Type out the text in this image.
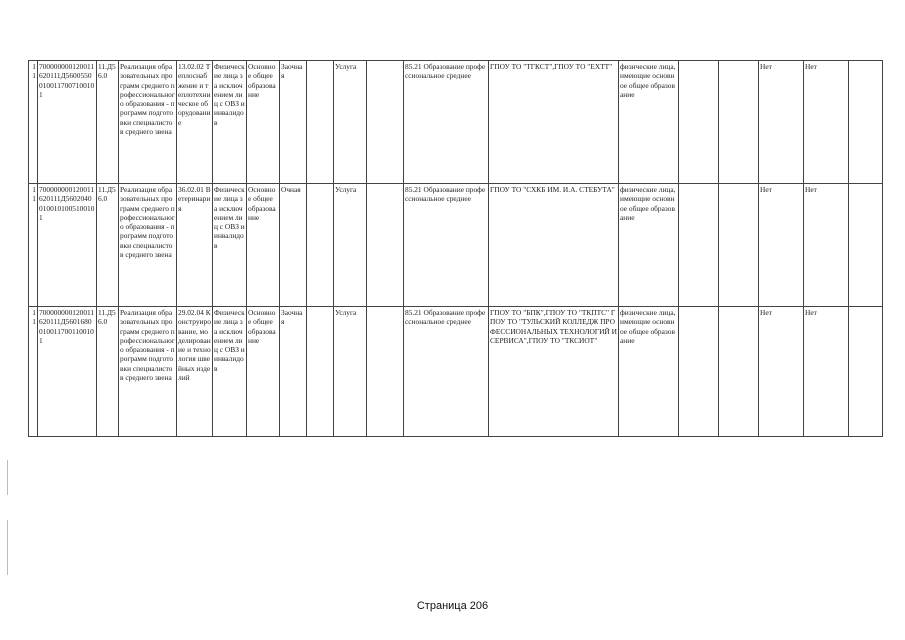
11	700000000120011620111Д56005500100117007100101	11.Д56.0	Реализация образовательных программ среднего профессионального образования - программ подготовки специалистов среднего звена	13.02.02 Теплоснабжение и теплотехническое оборудование	Физические лица за исключением лиц с ОВЗ и инвалидов	Основное общее образование	Заочная		Услуга		85.21 Образование профессиональное среднее	ГПОУ ТО "ТГКСТ",ГПОУ ТО "ЕХТТ"	физические лица, имеющие основное общее образование			Нет	Нет	
11	700000000120011620111Д56020400100101005100101	11.Д56.0	Реализация образовательных программ среднего профессионального образования - программ подготовки специалистов среднего звена	36.02.01 Ветеринария	Физические лица за исключением лиц с ОВЗ и инвалидов	Основное общее образование	Очная		Услуга		85.21 Образование профессиональное среднее	ГПОУ ТО "СХКБ ИМ. И.А. СТЕБУТА"	физические лица, имеющие основное общее образование			Нет	Нет	
11	700000000120011620111Д56016800100117001100101	11.Д56.0	Реализация образовательных программ среднего профессионального образования - программ подготовки специалистов среднего звена	29.02.04 Конструирование, моделирование и технология швейных изделий	Физические лица за исключением лиц с ОВЗ и инвалидов	Основное общее образование	Заочная		Услуга		85.21 Образование профессиональное среднее	ГПОУ ТО "БПК",ГПОУ ТО "ТКПТС" ГПОУ ТО "ТУЛЬСКИЙ КОЛЛЕДЖ ПРОФЕССИОНАЛЬНЫХ ТЕХНОЛОГИЙ И СЕРВИСА",ГПОУ ТО "ТКСИОТ"	физические лица, имеющие основное общее образование			Нет	Нет	
Страница 206
